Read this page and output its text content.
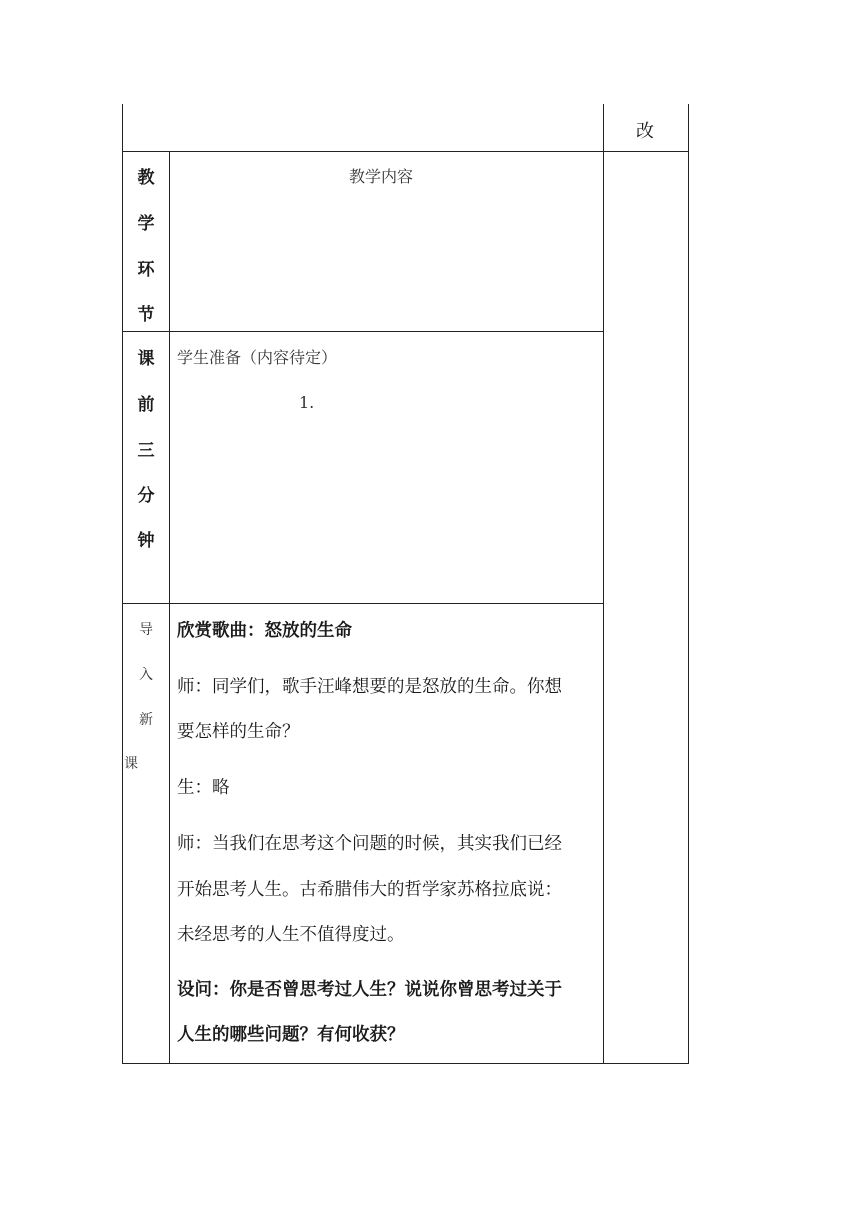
改
教
学
环
节
教学内容
课
前
三
分
钟
学生准备（内容待定）
1.
导
入
新
课
欣赏歌曲：怒放的生命
师：同学们，歌手汪峰想要的是怒放的生命。你想
要怎样的生命？
生：略
师：当我们在思考这个问题的时候，其实我们已经
开始思考人生。古希腊伟大的哲学家苏格拉底说：
未经思考的人生不值得度过。
设问：你是否曾思考过人生？说说你曾思考过关于
人生的哪些问题？有何收获？
